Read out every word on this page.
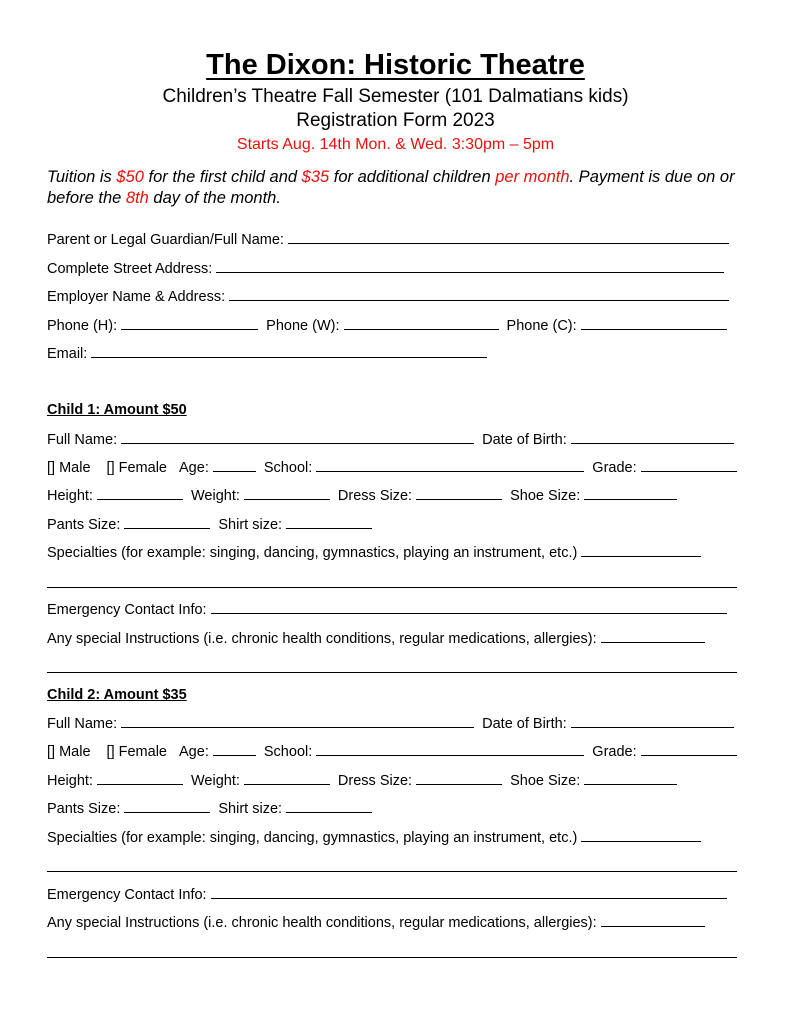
The Dixon: Historic Theatre
Children’s Theatre Fall Semester (101 Dalmatians kids)
Registration Form 2023
Starts Aug. 14th Mon. & Wed. 3:30pm – 5pm
Tuition is $50 for the first child and $35 for additional children per month. Payment is due on or before the 8th day of the month.
Parent or Legal Guardian/Full Name:
Complete Street Address:
Employer Name & Address:
Phone (H):	Phone (W):	Phone (C):
Email:
Child 1: Amount $50
Full Name:	Date of Birth:
[] Male [] Female Age:	School:	Grade:
Height:	Weight:	Dress Size:	Shoe Size:
Pants Size:	Shirt size:
Specialties (for example: singing, dancing, gymnastics, playing an instrument, etc.)
Emergency Contact Info:
Any special Instructions (i.e. chronic health conditions, regular medications, allergies):
Child 2: Amount $35
Full Name:	Date of Birth:
[] Male [] Female Age:	School:	Grade:
Height:	Weight:	Dress Size:	Shoe Size:
Pants Size:	Shirt size:
Specialties (for example: singing, dancing, gymnastics, playing an instrument, etc.)
Emergency Contact Info:
Any special Instructions (i.e. chronic health conditions, regular medications, allergies):
